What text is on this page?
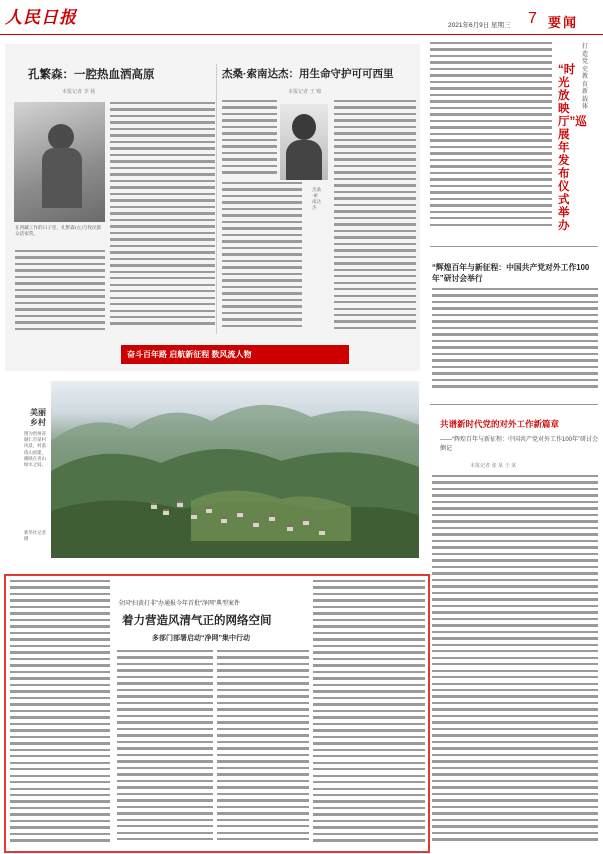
人民日报	2021年6月9日 星期三 7 要闻
孔繁森：一腔热血洒高原
本报记者 李 扬
在西藏工作的日子里，孔繁森(左)与牧民群众话家常。
杰桑·索南达杰：用生命守护可可西里
本报记者 王 锦
杰桑·索南达杰
奋斗百年路 启航新征程 数风流人物
美丽乡村
图为贵州省铜仁市某村风景，村落依山而建，掩映在青山绿水之间。
新华社记者摄
全国“扫黄打非”办通报今年首批“净网”典型案件
着力营造风清气正的网络空间
多部门部署启动“净网”集中行动
打造党史教育新载体
“时光放映厅”巡展年发布仪式举办
“辉煌百年与新征程：中国共产党对外工作100年”研讨会举行
共谱新时代党的对外工作新篇章
——“辉煌百年与新征程：中国共产党对外工作100年”研讨会侧记
本报记者 张 某 王 某
